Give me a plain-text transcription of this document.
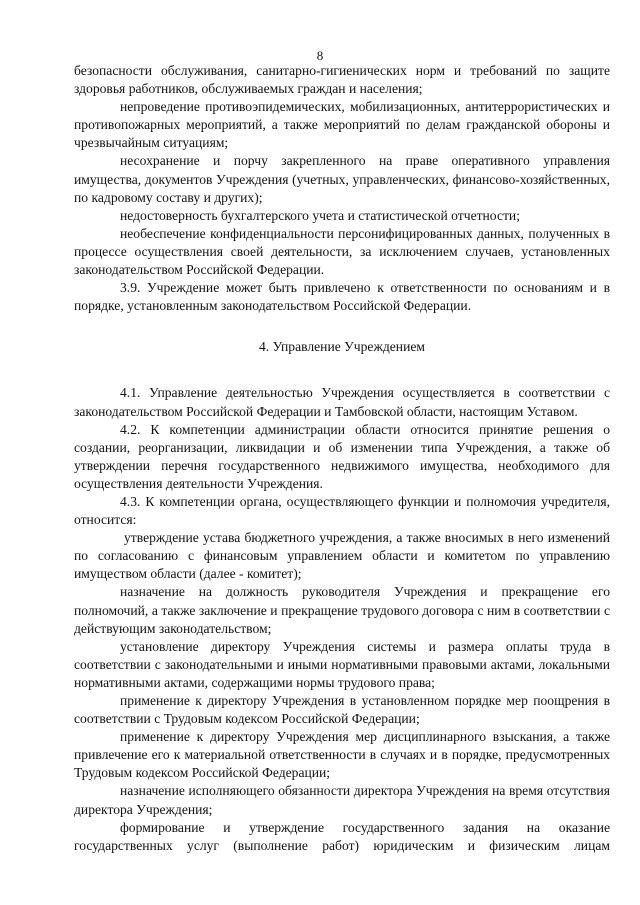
8

безопасности обслуживания, санитарно-гигиенических норм и требований по защите здоровья работников, обслуживаемых граждан и населения;

непроведение противоэпидемических, мобилизационных, антитеррористических и противопожарных мероприятий, а также мероприятий по делам гражданской обороны и чрезвычайным ситуациям;

несохранение и порчу закрепленного на праве оперативного управления имущества, документов Учреждения (учетных, управленческих, финансово-хозяйственных, по кадровому составу и других);

недостоверность бухгалтерского учета и статистической отчетности;

необеспечение конфиденциальности персонифицированных данных, полученных в процессе осуществления своей деятельности, за исключением случаев, установленных законодательством Российской Федерации.

3.9. Учреждение может быть привлечено к ответственности по основаниям и в порядке, установленным законодательством Российской Федерации.

4. Управление Учреждением

4.1. Управление деятельностью Учреждения осуществляется в соответствии с законодательством Российской Федерации и Тамбовской области, настоящим Уставом.

4.2. К компетенции администрации области относится принятие решения о создании, реорганизации, ликвидации и об изменении типа Учреждения, а также об утверждении перечня государственного недвижимого имущества, необходимого для осуществления деятельности Учреждения.

4.3. К компетенции органа, осуществляющего функции и полномочия учредителя, относится:

утверждение устава бюджетного учреждения, а также вносимых в него изменений по согласованию с финансовым управлением области и комитетом по управлению имуществом области (далее - комитет);

назначение на должность руководителя Учреждения и прекращение его полномочий, а также заключение и прекращение трудового договора с ним в соответствии с действующим законодательством;

установление директору Учреждения системы и размера оплаты труда в соответствии с законодательными и иными нормативными правовыми актами, локальными нормативными актами, содержащими нормы трудового права;

применение к директору Учреждения в установленном порядке мер поощрения в соответствии с Трудовым кодексом Российской Федерации;

применение к директору Учреждения мер дисциплинарного взыскания, а также привлечение его к материальной ответственности в случаях и в порядке, предусмотренных Трудовым кодексом Российской Федерации;

назначение исполняющего обязанности директора Учреждения на время отсутствия директора Учреждения;

формирование и утверждение государственного задания на оказание государственных услуг (выполнение работ) юридическим и физическим лицам
